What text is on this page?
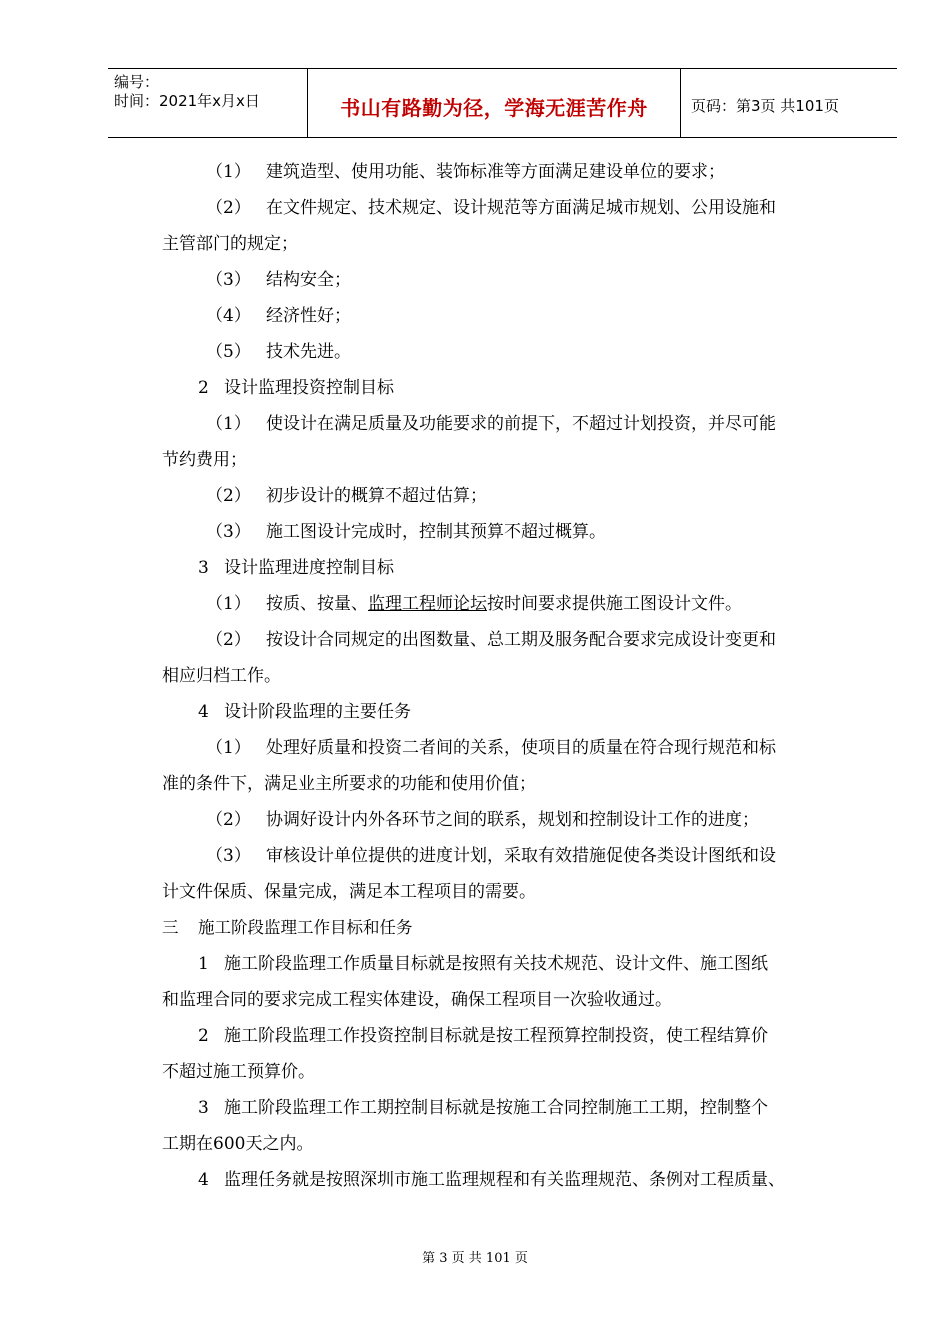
编号：
时间：2021年x月x日	书山有路勤为径，学海无涯苦作舟	页码：第3页 共101页

（1） 建筑造型、使用功能、装饰标准等方面满足建设单位的要求；

（2） 在文件规定、技术规定、设计规范等方面满足城市规划、公用设施和

主管部门的规定；

（3） 结构安全；

（4） 经济性好；

（5） 技术先进。

2 设计监理投资控制目标

（1） 使设计在满足质量及功能要求的前提下，不超过计划投资，并尽可能

节约费用；

（2） 初步设计的概算不超过估算；

（3） 施工图设计完成时，控制其预算不超过概算。

3 设计监理进度控制目标

（1） 按质、按量、监理工程师论坛按时间要求提供施工图设计文件。

（2） 按设计合同规定的出图数量、总工期及服务配合要求完成设计变更和

相应归档工作。

4 设计阶段监理的主要任务

（1） 处理好质量和投资二者间的关系，使项目的质量在符合现行规范和标

准的条件下，满足业主所要求的功能和使用价值；

（2） 协调好设计内外各环节之间的联系，规划和控制设计工作的进度；

（3） 审核设计单位提供的进度计划，采取有效措施促使各类设计图纸和设

计文件保质、保量完成，满足本工程项目的需要。

三 施工阶段监理工作目标和任务

1 施工阶段监理工作质量目标就是按照有关技术规范、设计文件、施工图纸

和监理合同的要求完成工程实体建设，确保工程项目一次验收通过。

2 施工阶段监理工作投资控制目标就是按工程预算控制投资，使工程结算价

不超过施工预算价。

3 施工阶段监理工作工期控制目标就是按施工合同控制施工工期，控制整个

工期在600天之内。

4 监理任务就是按照深圳市施工监理规程和有关监理规范、条例对工程质量、

第 3 页 共 101 页
